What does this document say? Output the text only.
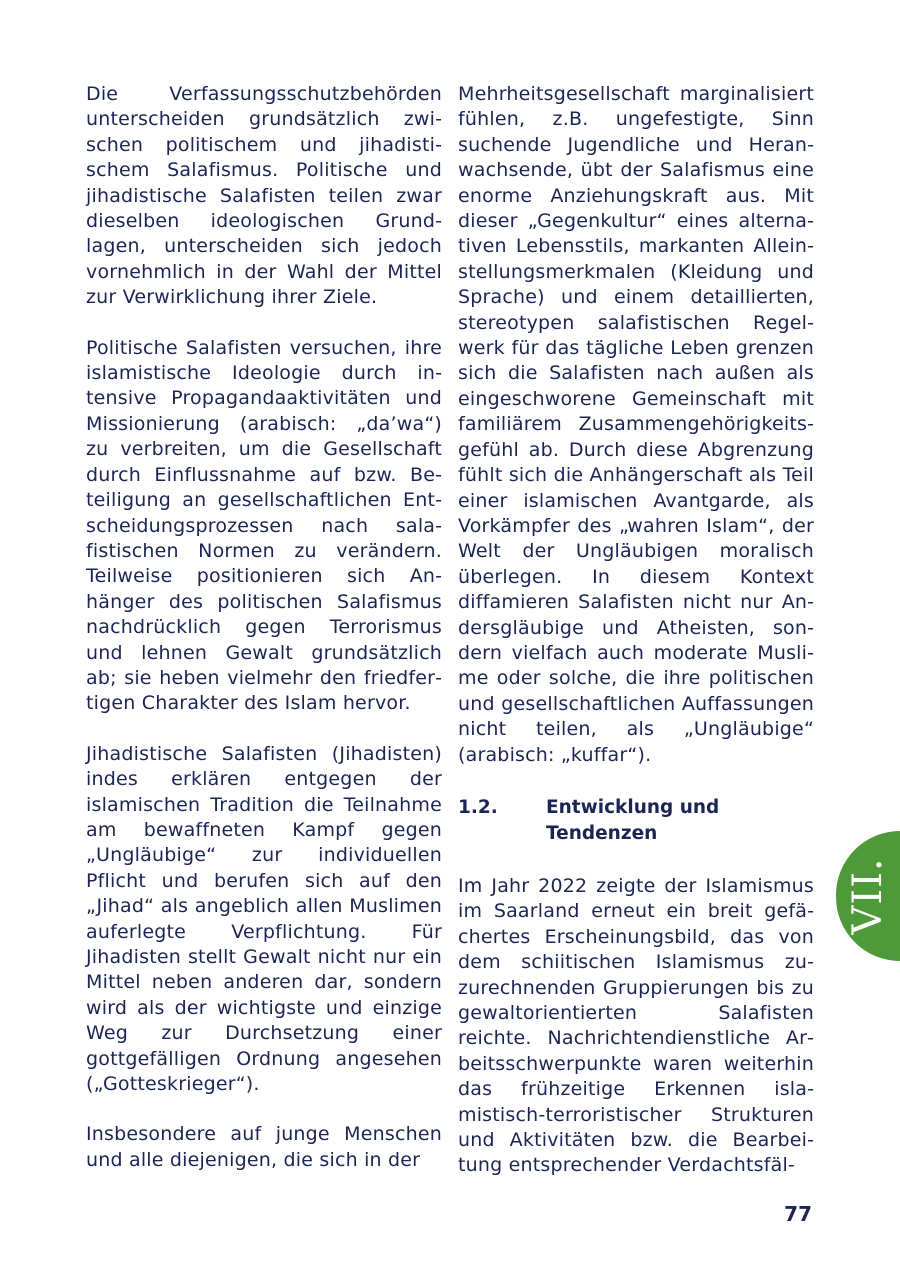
Die Verfassungsschutzbehörden unterscheiden grundsätzlich zwischen politischem und jihadistischem Salafismus. Politische und jihadistische Salafisten teilen zwar dieselben ideologischen Grundlagen, unterscheiden sich jedoch vornehmlich in der Wahl der Mittel zur Verwirklichung ihrer Ziele.

Politische Salafisten versuchen, ihre islamistische Ideologie durch intensive Propagandaaktivitäten und Missionierung (arabisch: „da’wa“) zu verbreiten, um die Gesellschaft durch Einflussnahme auf bzw. Beteiligung an gesellschaftlichen Entscheidungsprozessen nach salafistischen Normen zu verändern. Teilweise positionieren sich Anhänger des politischen Salafismus nachdrücklich gegen Terrorismus und lehnen Gewalt grundsätzlich ab; sie heben vielmehr den friedfertigen Charakter des Islam hervor.

Jihadistische Salafisten (Jihadisten) indes erklären entgegen der islamischen Tradition die Teilnahme am bewaffneten Kampf gegen „Ungläubige“ zur individuellen Pflicht und berufen sich auf den „Jihad“ als angeblich allen Muslimen auferlegte Verpflichtung. Für Jihadisten stellt Gewalt nicht nur ein Mittel neben anderen dar, sondern wird als der wichtigste und einzige Weg zur Durchsetzung einer gottgefälligen Ordnung angesehen („Gotteskrieger“).

Insbesondere auf junge Menschen und alle diejenigen, die sich in der

Mehrheitsgesellschaft marginalisiert fühlen, z.B. ungefestigte, Sinn suchende Jugendliche und Heranwachsende, übt der Salafismus eine enorme Anziehungskraft aus. Mit dieser „Gegenkultur“ eines alternativen Lebensstils, markanten Alleinstellungsmerkmalen (Kleidung und Sprache) und einem detaillierten, stereotypen salafistischen Regelwerk für das tägliche Leben grenzen sich die Salafisten nach außen als eingeschworene Gemeinschaft mit familiärem Zusammengehörigkeitsgefühl ab. Durch diese Abgrenzung fühlt sich die Anhängerschaft als Teil einer islamischen Avantgarde, als Vorkämpfer des „wahren Islam“, der Welt der Ungläubigen moralisch überlegen. In diesem Kontext diffamieren Salafisten nicht nur Andersgläubige und Atheisten, sondern vielfach auch moderate Muslime oder solche, die ihre politischen und gesellschaftlichen Auffassungen nicht teilen, als „Ungläubige“ (arabisch: „kuffar“).

1.2.	Entwicklung und Tendenzen

Im Jahr 2022 zeigte der Islamismus im Saarland erneut ein breit gefächertes Erscheinungsbild, das von dem schiitischen Islamismus zuzurechnenden Gruppierungen bis zu gewaltorientierten Salafisten reichte. Nachrichtendienstliche Arbeitsschwerpunkte waren weiterhin das frühzeitige Erkennen islamistisch-terroristischer Strukturen und Aktivitäten bzw. die Bearbeitung entsprechender Verdachtsfäl-

VII.
77
